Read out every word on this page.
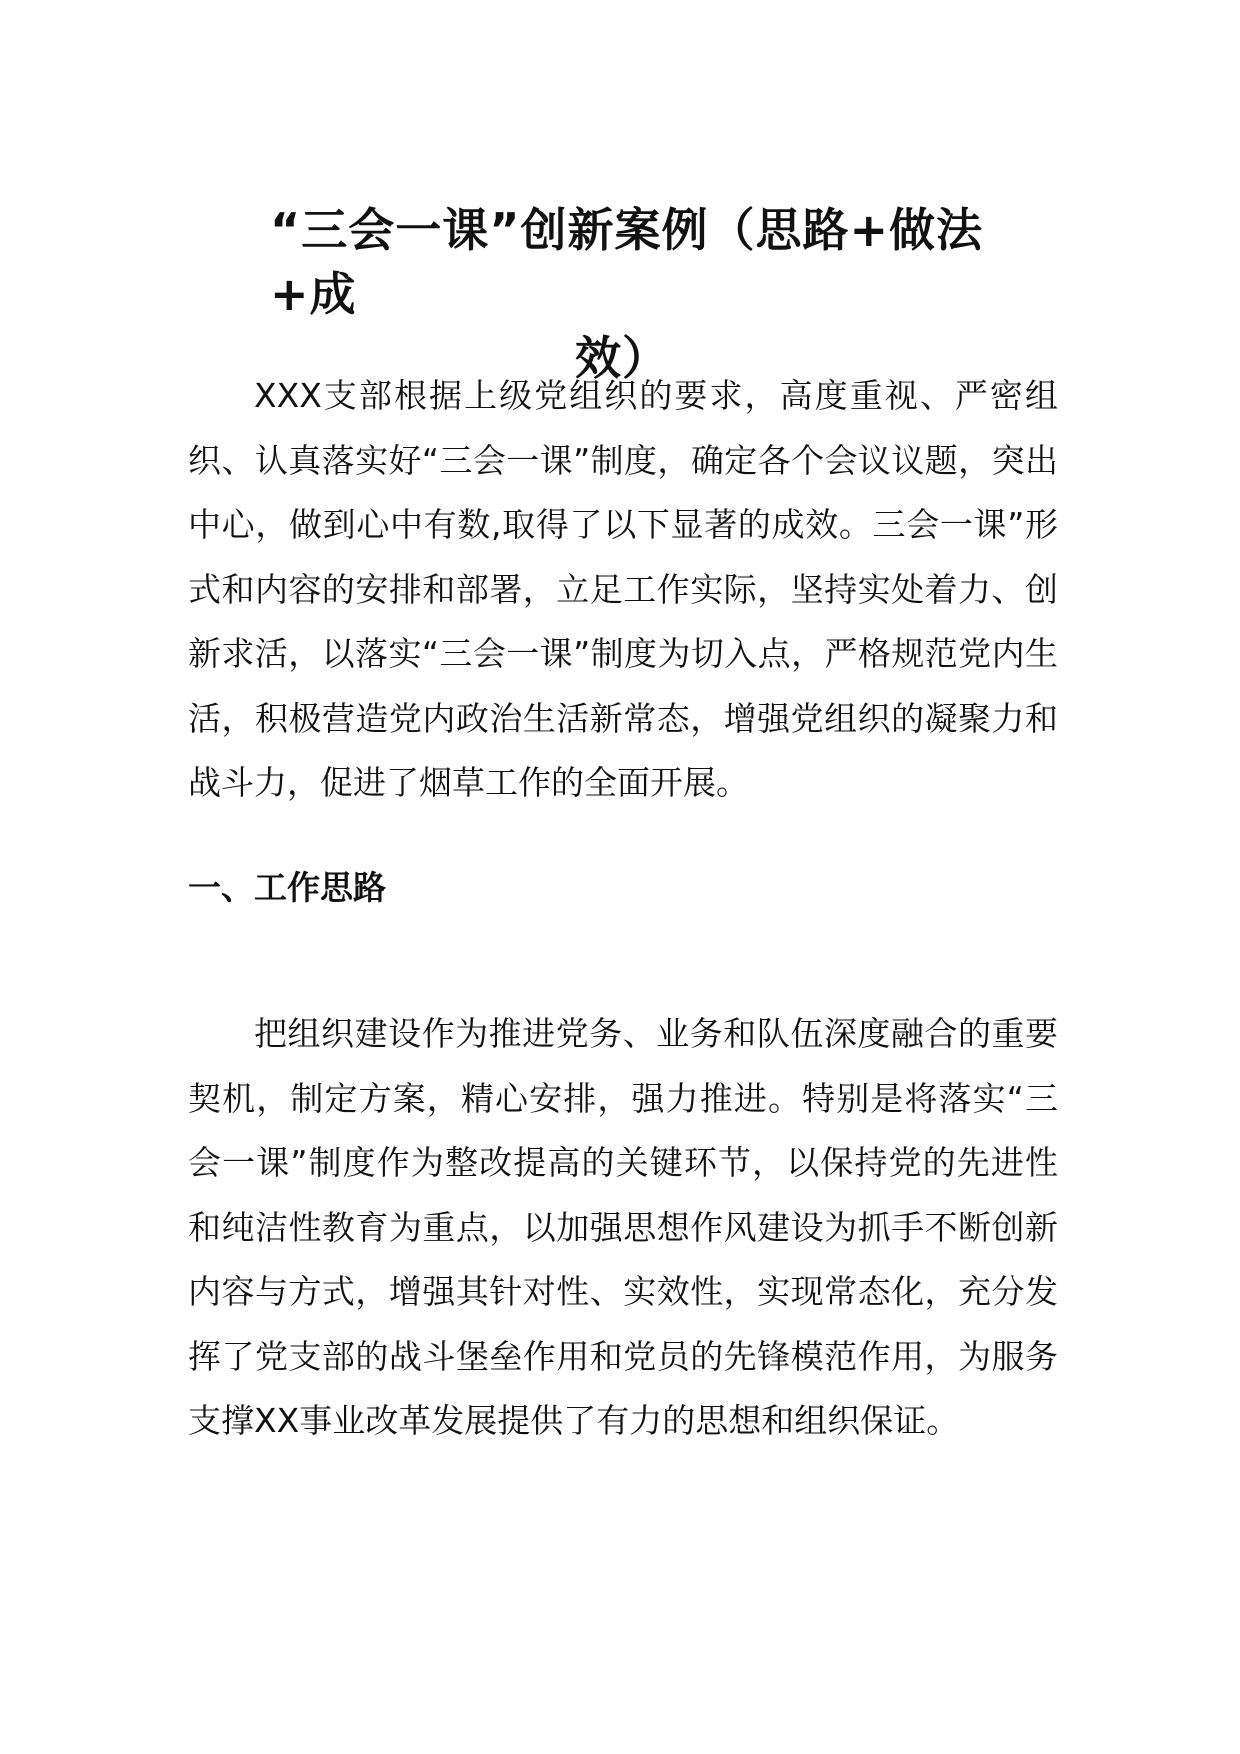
“三会一课”创新案例（思路+做法+成
效）

XXX支部根据上级党组织的要求，高度重视、严密组织、认真落实好“三会一课”制度，确定各个会议议题，突出中心，做到心中有数,取得了以下显著的成效。三会一课”形式和内容的安排和部署，立足工作实际，坚持实处着力、创新求活，以落实“三会一课”制度为切入点，严格规范党内生活，积极营造党内政治生活新常态，增强党组织的凝聚力和战斗力，促进了烟草工作的全面开展。

一、工作思路

把组织建设作为推进党务、业务和队伍深度融合的重要契机，制定方案，精心安排，强力推进。特别是将落实“三会一课”制度作为整改提高的关键环节，以保持党的先进性和纯洁性教育为重点，以加强思想作风建设为抓手不断创新内容与方式，增强其针对性、实效性，实现常态化，充分发挥了党支部的战斗堡垒作用和党员的先锋模范作用，为服务支撑XX事业改革发展提供了有力的思想和组织保证。
